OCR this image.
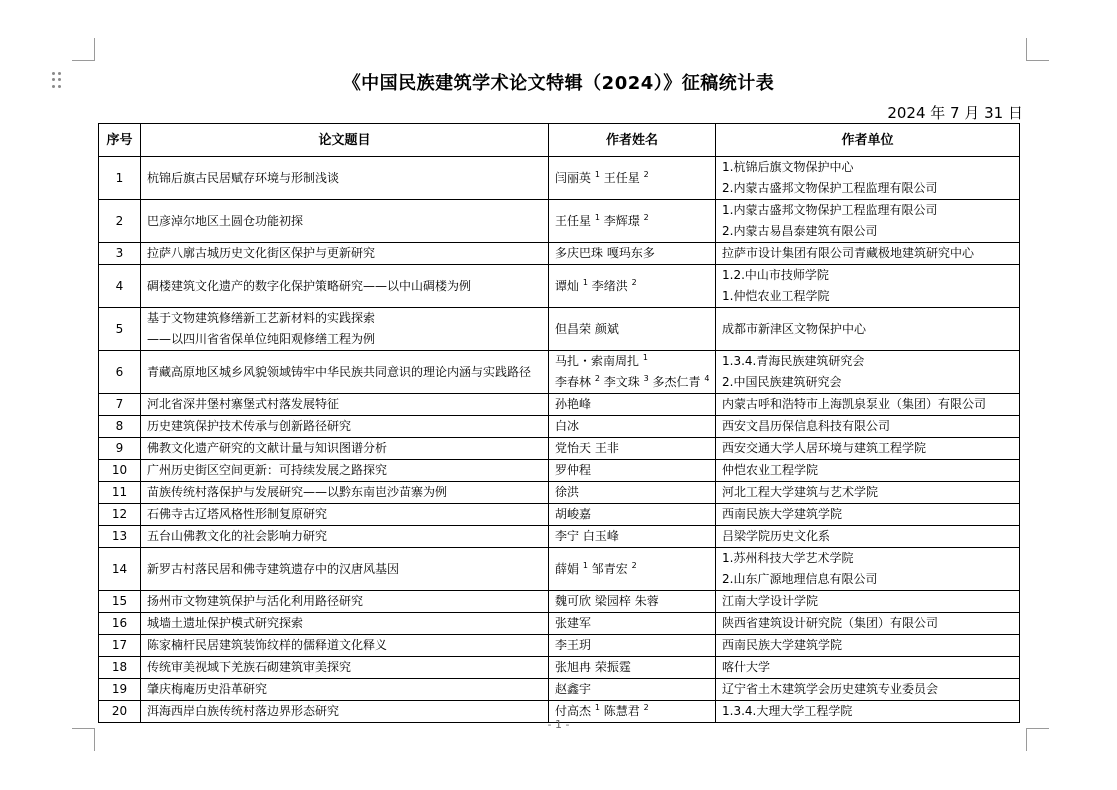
《中国民族建筑学术论文特辑（2024）》征稿统计表
2024 年 7 月 31 日
序号	论文题目	作者姓名	作者单位
1	杭锦后旗古民居赋存环境与形制浅谈	闫丽英 $^1$ 王任星 $^2$	1.杭锦后旗文物保护中心
2.内蒙古盛邦文物保护工程监理有限公司

2	巴彦淖尔地区土圆仓功能初探	王任星 $^1$ 李辉璟 $^2$	1.内蒙古盛邦文物保护工程监理有限公司
2.内蒙古易昌泰建筑有限公司

3	拉萨八廓古城历史文化街区保护与更新研究	多庆巴珠 嘎玛东多	拉萨市设计集团有限公司青藏极地建筑研究中心

4	碉楼建筑文化遗产的数字化保护策略研究——以中山碉楼为例	谭灿 $^1$ 李绪洪 $^2$	1.2.中山市技师学院
1.仲恺农业工程学院

5	基于文物建筑修缮新工艺新材料的实践探索
——以四川省省保单位纯阳观修缮工程为例	但昌荣 颜斌	成都市新津区文物保护中心

6	青藏高原地区城乡风貌领域铸牢中华民族共同意识的理论内涵与实践路径	马扎・索南周扎 $^1$
李春林 $^2$ 李文珠 $^3$ 多杰仁青 $^4$	1.3.4.青海民族建筑研究会
2.中国民族建筑研究会

7	河北省深井堡村寨堡式村落发展特征	孙艳峰	内蒙古呼和浩特市上海凯泉泵业（集团）有限公司

8	历史建筑保护技术传承与创新路径研究	白冰	西安文昌历保信息科技有限公司

9	佛教文化遗产研究的文献计量与知识图谱分析	党怡天 王非	西安交通大学人居环境与建筑工程学院

10	广州历史街区空间更新：可持续发展之路探究	罗仲程	仲恺农业工程学院

11	苗族传统村落保护与发展研究——以黔东南岜沙苗寨为例	徐洪	河北工程大学建筑与艺术学院

12	石佛寺古辽塔风格性形制复原研究	胡峻嘉	西南民族大学建筑学院

13	五台山佛教文化的社会影响力研究	李宁 白玉峰	吕梁学院历史文化系

14	新罗古村落民居和佛寺建筑遗存中的汉唐风基因	薛娟 $^1$ 邹青宏 $^2$	1.苏州科技大学艺术学院
2.山东广源地理信息有限公司

15	扬州市文物建筑保护与活化利用路径研究	魏可欣 梁园梓 朱蓉	江南大学设计学院

16	城墙土遗址保护模式研究探索	张建军	陕西省建筑设计研究院（集团）有限公司

17	陈家楠杆民居建筑装饰纹样的儒释道文化释义	李王玥	西南民族大学建筑学院

18	传统审美视域下羌族石砌建筑审美探究	张旭冉 荣振霆	喀什大学

19	肇庆梅庵历史沿革研究	赵鑫宇	辽宁省土木建筑学会历史建筑专业委员会

20	洱海西岸白族传统村落边界形态研究	付高杰 $^1$ 陈慧君 $^2$	1.3.4.大理大学工程学院
- 1 -
